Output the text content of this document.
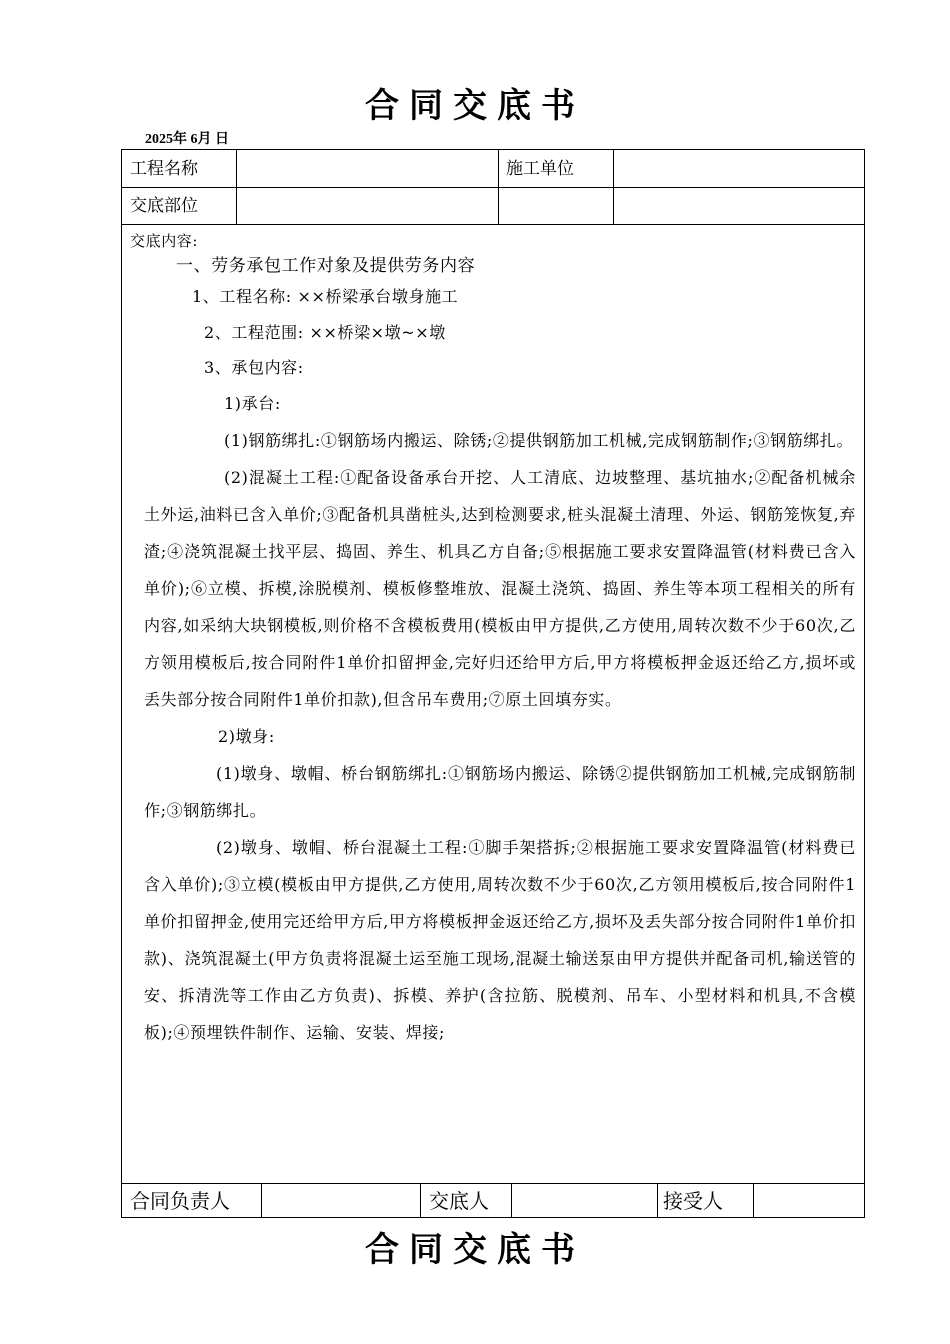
合同交底书
2025年 6月 日
工程名称	施工单位
交底部位

交底内容:

一、劳务承包工作对象及提供劳务内容

1、工程名称: ××桥梁承台墩身施工

2、工程范围: ××桥梁×墩~×墩

3、承包内容:

1)承台:

(1)钢筋绑扎:①钢筋场内搬运、除锈;②提供钢筋加工机械,完成钢筋制作;③钢筋绑扎。

(2)混凝土工程:①配备设备承台开挖、人工清底、边坡整理、基坑抽水;②配备机械余土外运,油料已含入单价;③配备机具凿桩头,达到检测要求,桩头混凝土清理、外运、钢筋笼恢复,弃渣;④浇筑混凝土找平层、捣固、养生、机具乙方自备;⑤根据施工要求安置降温管(材料费已含入单价);⑥立模、拆模,涂脱模剂、模板修整堆放、混凝土浇筑、捣固、养生等本项工程相关的所有内容,如采纳大块钢模板,则价格不含模板费用(模板由甲方提供,乙方使用,周转次数不少于60次,乙方领用模板后,按合同附件1单价扣留押金,完好归还给甲方后,甲方将模板押金返还给乙方,损坏或丢失部分按合同附件1单价扣款),但含吊车费用;⑦原土回填夯实。

2)墩身:

(1)墩身、墩帽、桥台钢筋绑扎:①钢筋场内搬运、除锈②提供钢筋加工机械,完成钢筋制作;③钢筋绑扎。

(2)墩身、墩帽、桥台混凝土工程:①脚手架搭拆;②根据施工要求安置降温管(材料费已含入单价);③立模(模板由甲方提供,乙方使用,周转次数不少于60次,乙方领用模板后,按合同附件1单价扣留押金,使用完还给甲方后,甲方将模板押金返还给乙方,损坏及丢失部分按合同附件1单价扣款)、浇筑混凝土(甲方负责将混凝土运至施工现场,混凝土输送泵由甲方提供并配备司机,输送管的安、拆清洗等工作由乙方负责)、拆模、养护(含拉筋、脱模剂、吊车、小型材料和机具,不含模板);④预埋铁件制作、运输、安装、焊接;

合同负责人	交底人	接受人
合同交底书
